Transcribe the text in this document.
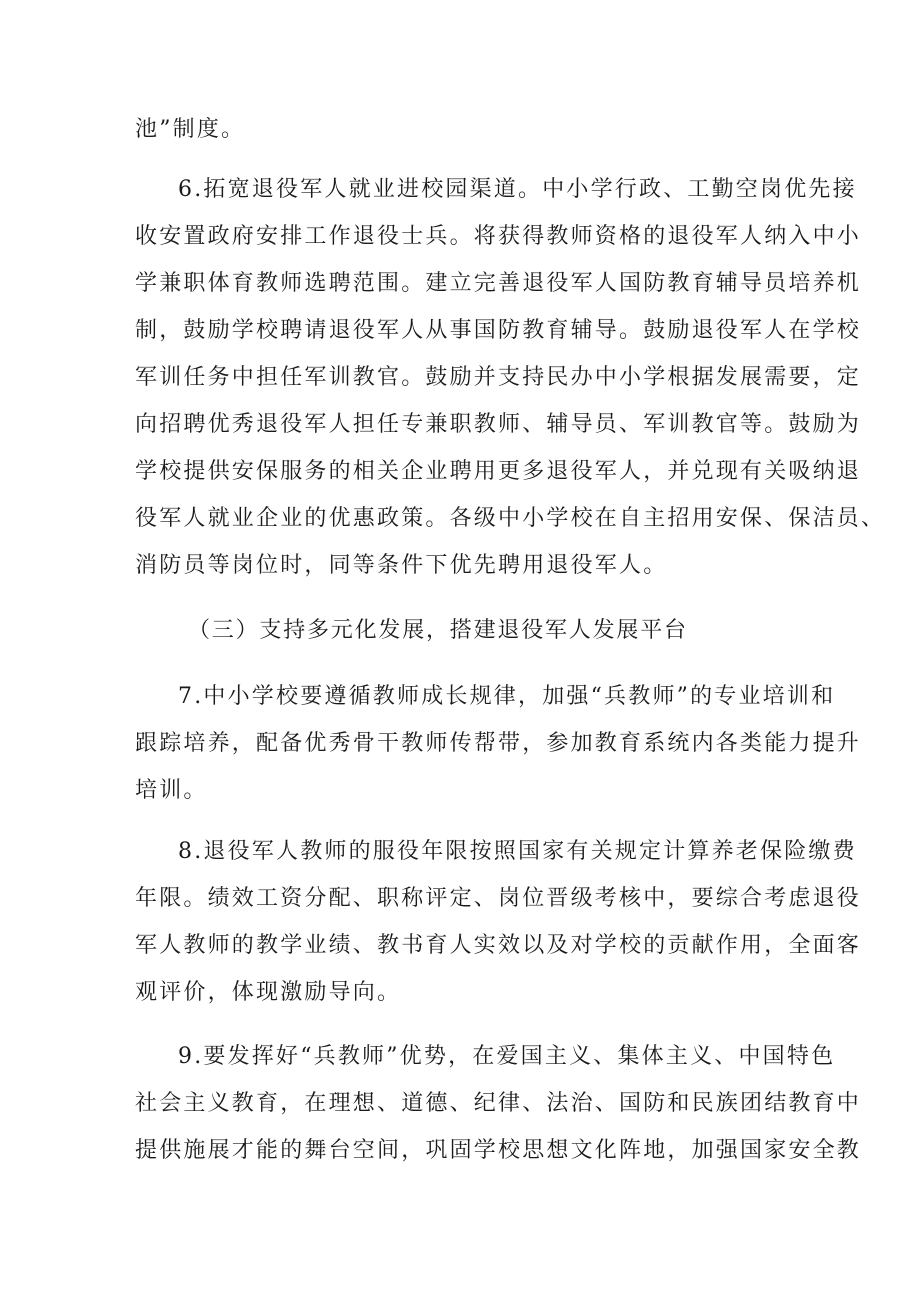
池”制度。
6.拓宽退役军人就业进校园渠道。中小学行政、工勤空岗优先接
收安置政府安排工作退役士兵。将获得教师资格的退役军人纳入中小
学兼职体育教师选聘范围。建立完善退役军人国防教育辅导员培养机
制，鼓励学校聘请退役军人从事国防教育辅导。鼓励退役军人在学校
军训任务中担任军训教官。鼓励并支持民办中小学根据发展需要，定
向招聘优秀退役军人担任专兼职教师、辅导员、军训教官等。鼓励为
学校提供安保服务的相关企业聘用更多退役军人，并兑现有关吸纳退
役军人就业企业的优惠政策。各级中小学校在自主招用安保、保洁员、
消防员等岗位时，同等条件下优先聘用退役军人。
（三）支持多元化发展，搭建退役军人发展平台
7.中小学校要遵循教师成长规律，加强“兵教师”的专业培训和
跟踪培养，配备优秀骨干教师传帮带，参加教育系统内各类能力提升
培训。
8.退役军人教师的服役年限按照国家有关规定计算养老保险缴费
年限。绩效工资分配、职称评定、岗位晋级考核中，要综合考虑退役
军人教师的教学业绩、教书育人实效以及对学校的贡献作用，全面客
观评价，体现激励导向。
9.要发挥好“兵教师”优势，在爱国主义、集体主义、中国特色
社会主义教育，在理想、道德、纪律、法治、国防和民族团结教育中
提供施展才能的舞台空间，巩固学校思想文化阵地，加强国家安全教
